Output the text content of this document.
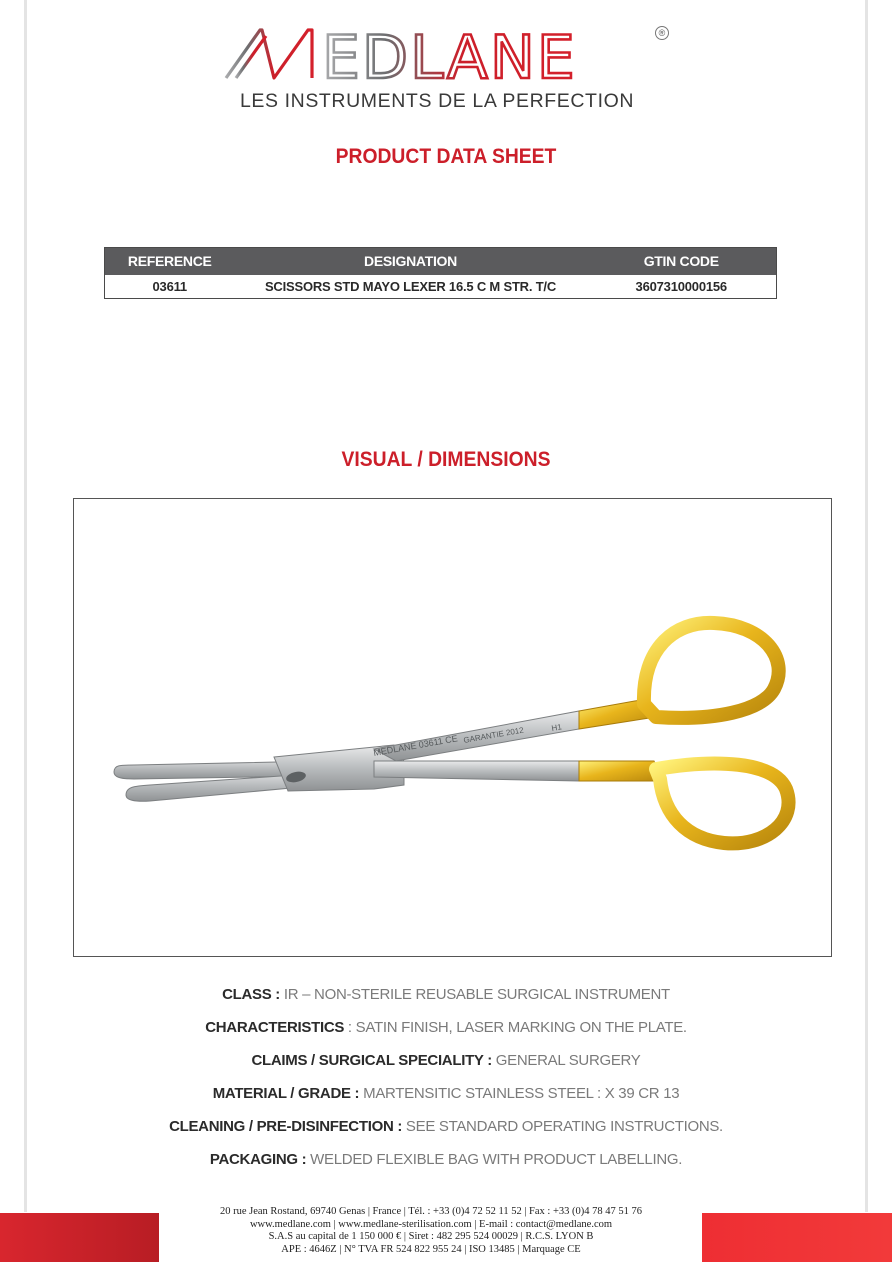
EDLANE	®
LES INSTRUMENTS DE LA PERFECTION
PRODUCT DATA SHEET
REFERENCE	DESIGNATION	GTIN CODE
03611	SCISSORS STD MAYO LEXER 16.5 C M STR. T/C	3607310000156
VISUAL / DIMENSIONS
MEDLANE 03611 CE GARANTIE 2012	H1
CLASS : IR – NON-STERILE REUSABLE SURGICAL INSTRUMENT
CHARACTERISTICS : SATIN FINISH, LASER MARKING ON THE PLATE.
CLAIMS / SURGICAL SPECIALITY : GENERAL SURGERY
MATERIAL / GRADE : MARTENSITIC STAINLESS STEEL : X 39 CR 13
CLEANING / PRE-DISINFECTION : SEE STANDARD OPERATING INSTRUCTIONS.
PACKAGING : WELDED FLEXIBLE BAG WITH PRODUCT LABELLING.
20 rue Jean Rostand, 69740 Genas | France | Tél. : +33 (0)4 72 52 11 52 | Fax : +33 (0)4 78 47 51 76
www.medlane.com | www.medlane-sterilisation.com | E-mail : contact@medlane.com
S.A.S au capital de 1 150 000 € | Siret : 482 295 524 00029 | R.C.S. LYON B
APE : 4646Z | N° TVA FR 524 822 955 24 | ISO 13485 | Marquage CE
